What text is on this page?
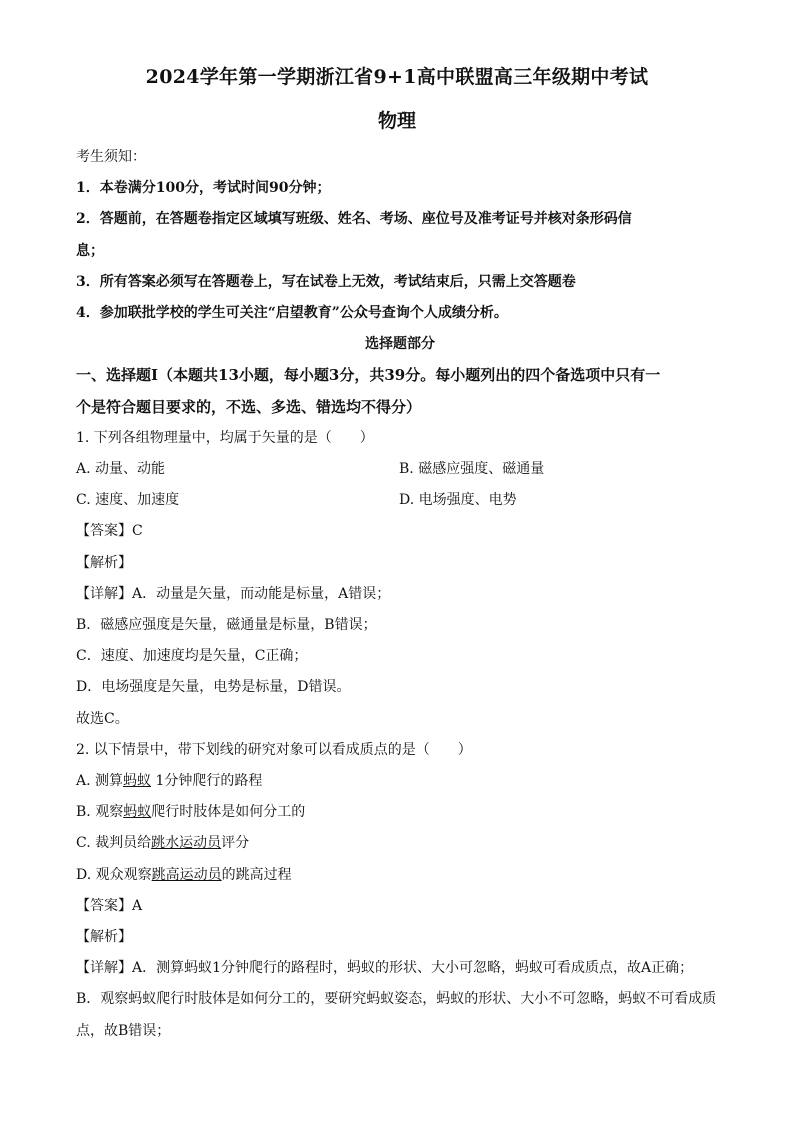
2024学年第一学期浙江省9+1高中联盟高三年级期中考试
物理
考生须知：
1．本卷满分100分，考试时间90分钟；
2．答题前，在答题卷指定区域填写班级、姓名、考场、座位号及准考证号并核对条形码信
息；
3．所有答案必须写在答题卷上，写在试卷上无效，考试结束后，只需上交答题卷
4．参加联批学校的学生可关注“启望教育”公众号查询个人成绩分析。
选择题部分
一、选择题Ⅰ（本题共13小题，每小题3分，共39分。每小题列出的四个备选项中只有一
个是符合题目要求的，不选、多选、错选均不得分）
1. 下列各组物理量中，均属于矢量的是（　　）
A. 动量、动能	B. 磁感应强度、磁通量
C. 速度、加速度	D. 电场强度、电势
【答案】C
【解析】
【详解】A．动量是矢量，而动能是标量，A错误；
B．磁感应强度是矢量，磁通量是标量，B错误；
C．速度、加速度均是矢量，C正确；
D．电场强度是矢量，电势是标量，D错误。
故选C。
2. 以下情景中，带下划线的研究对象可以看成质点的是（　　）
A. 测算蚂蚁 1分钟爬行的路程
B. 观察蚂蚁爬行时肢体是如何分工的
C. 裁判员给跳水运动员评分
D. 观众观察跳高运动员的跳高过程
【答案】A
【解析】
【详解】A．测算蚂蚁1分钟爬行的路程时，蚂蚁的形状、大小可忽略，蚂蚁可看成质点，故A正确；
B．观察蚂蚁爬行时肢体是如何分工的，要研究蚂蚁姿态，蚂蚁的形状、大小不可忽略，蚂蚁不可看成质
点，故B错误；
